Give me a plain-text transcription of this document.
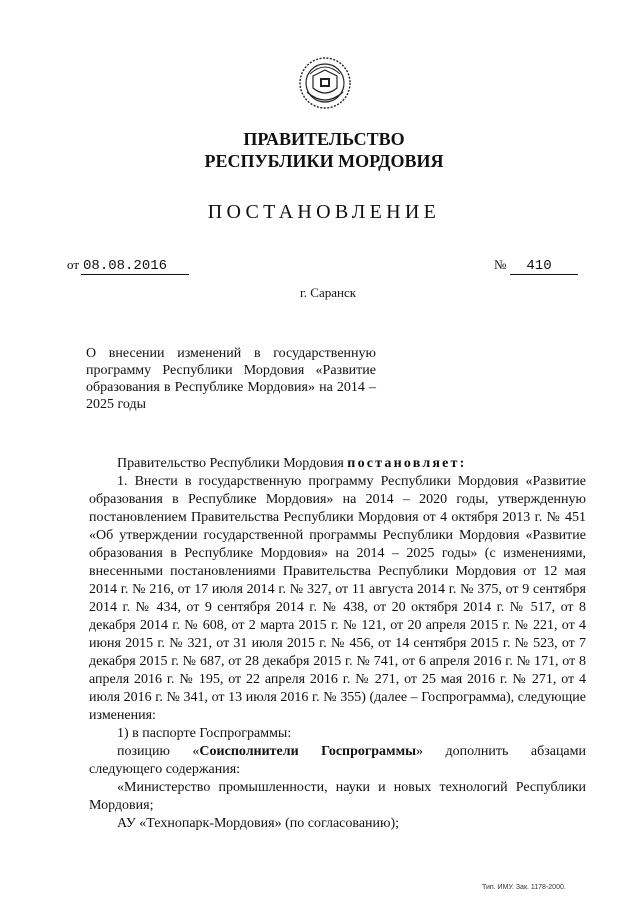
ПРАВИТЕЛЬСТВО
РЕСПУБЛИКИ МОРДОВИЯ
ПОСТАНОВЛЕНИЕ
от 08.08.2016	№	410
г. Саранск
О внесении изменений в государственную программу Республики Мордовия «Развитие образования в Республике Мордовия» на 2014 – 2025 годы

Правительство Республики Мордовия постановляет:

1. Внести в государственную программу Республики Мордовия «Развитие образования в Республике Мордовия» на 2014 – 2020 годы, утвержденную постановлением Правительства Республики Мордовия от 4 октября 2013 г. № 451 «Об утверждении государственной программы Республики Мордовия «Развитие образования в Республике Мордовия» на 2014 – 2025 годы» (с изменениями, внесенными постановлениями Правительства Республики Мордовия от 12 мая 2014 г. № 216, от 17 июля 2014 г. № 327, от 11 августа 2014 г. № 375, от 9 сентября 2014 г. № 434, от 9 сентября 2014 г. № 438, от 20 октября 2014 г. № 517, от 8 декабря 2014 г. № 608, от 2 марта 2015 г. № 121, от 20 апреля 2015 г. № 221, от 4 июня 2015 г. № 321, от 31 июля 2015 г. № 456, от 14 сентября 2015 г. № 523, от 7 декабря 2015 г. № 687, от 28 декабря 2015 г. № 741, от 6 апреля 2016 г. № 171, от 8 апреля 2016 г. № 195, от 22 апреля 2016 г. № 271, от 25 мая 2016 г. № 271, от 4 июля 2016 г. № 341, от 13 июля 2016 г. № 355) (далее – Госпрограмма), следующие изменения:

1) в паспорте Госпрограммы:

позицию «Соисполнители Госпрограммы» дополнить абзацами следующего содержания:

«Министерство промышленности, науки и новых технологий Республики Мордовия;

АУ «Технопарк-Мордовия» (по согласованию);

Тип. ИМУ. Зак. 1178-2000.
